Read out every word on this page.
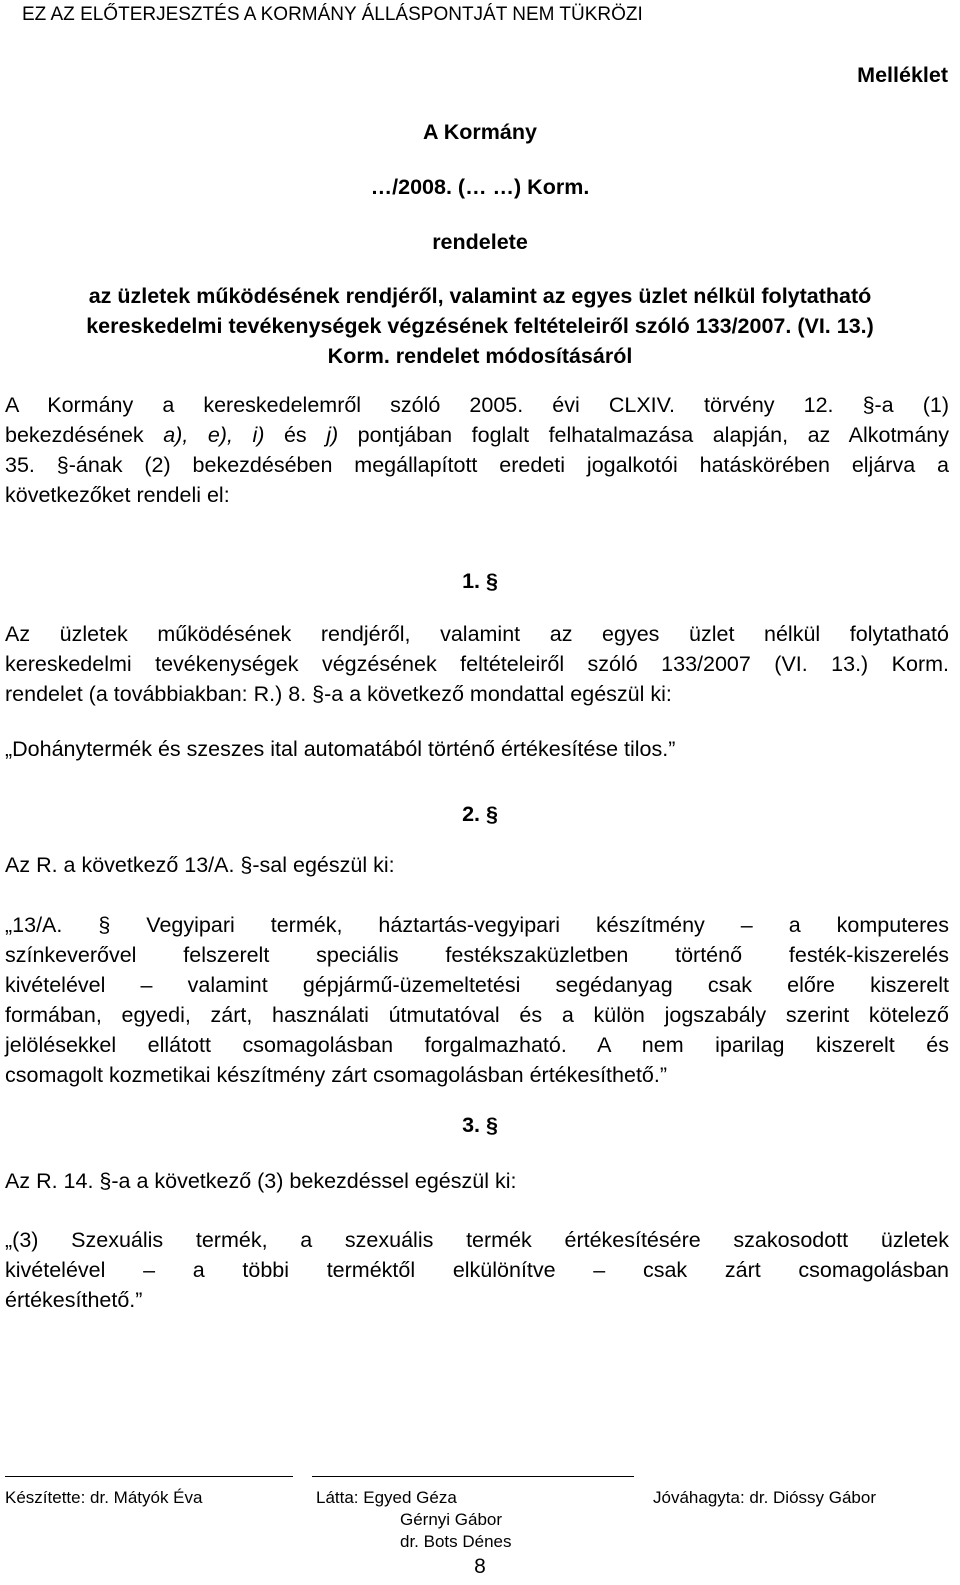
EZ AZ ELŐTERJESZTÉS A KORMÁNY ÁLLÁSPONTJÁT NEM TÜKRÖZI
Melléklet
A Kormány
…/2008. (… …) Korm.
rendelete
az üzletek működésének rendjéről, valamint az egyes üzlet nélkül folytatható
kereskedelmi tevékenységek végzésének feltételeiről szóló 133/2007. (VI. 13.)
Korm. rendelet módosításáról
A Kormány a kereskedelemről szóló 2005. évi CLXIV. törvény 12. §-a (1)
bekezdésének a), e), i) és j) pontjában foglalt felhatalmazása alapján, az Alkotmány
35. §-ának (2) bekezdésében megállapított eredeti jogalkotói hatáskörében eljárva a
következőket rendeli el:
1. §
Az üzletek működésének rendjéről, valamint az egyes üzlet nélkül folytatható
kereskedelmi tevékenységek végzésének feltételeiről szóló 133/2007 (VI. 13.) Korm.
rendelet (a továbbiakban: R.) 8. §-a a következő mondattal egészül ki:
„Dohánytermék és szeszes ital automatából történő értékesítése tilos.”
2. §
Az R. a következő 13/A. §-sal egészül ki:
„13/A. § Vegyipari termék, háztartás-vegyipari készítmény – a komputeres
színkeverővel felszerelt speciális festékszaküzletben történő festék-kiszerelés
kivételével – valamint gépjármű-üzemeltetési segédanyag csak előre kiszerelt
formában, egyedi, zárt, használati útmutatóval és a külön jogszabály szerint kötelező
jelölésekkel ellátott csomagolásban forgalmazható. A nem iparilag kiszerelt és
csomagolt kozmetikai készítmény zárt csomagolásban értékesíthető.”
3. §
Az R. 14. §-a a következő (3) bekezdéssel egészül ki:
„(3) Szexuális termék, a szexuális termék értékesítésére szakosodott üzletek
kivételével – a többi terméktől elkülönítve – csak zárt csomagolásban
értékesíthető.”
Készítette: dr. Mátyók Éva	Látta: Egyed Géza
Gérnyi Gábor
dr. Bots Dénes
Jóváhagyta: dr. Dióssy Gábor
8
